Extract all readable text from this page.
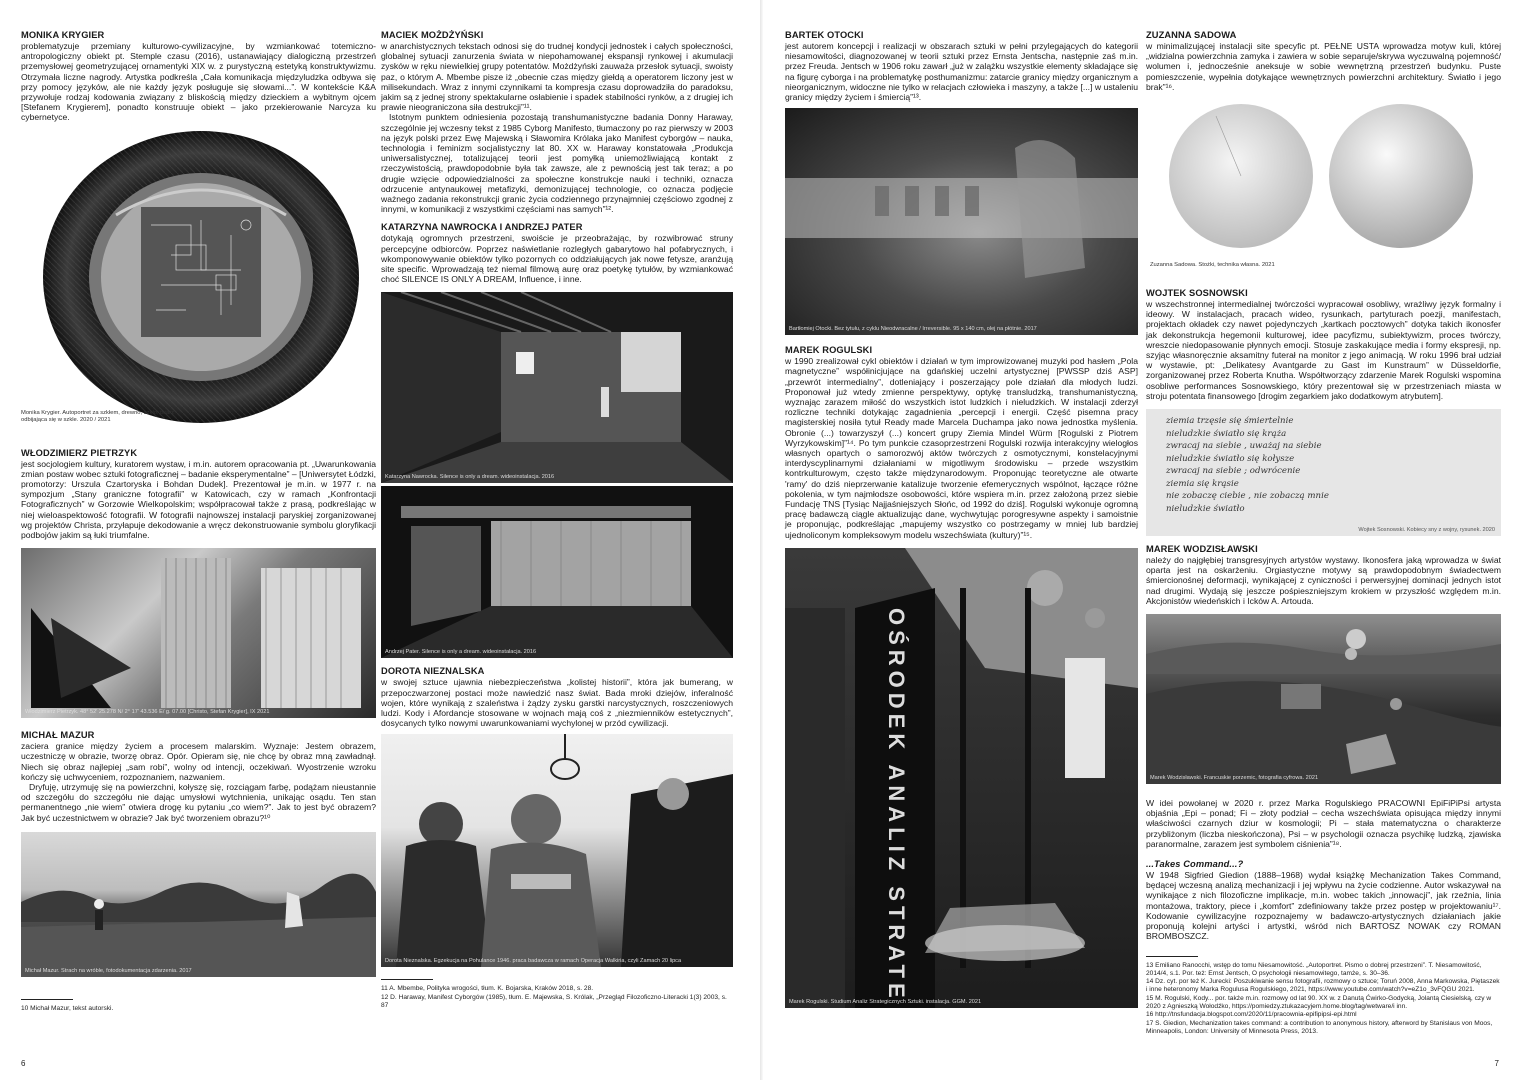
MONIKA KRYGIER

problematyzuje przemiany kulturowo-cywilizacyjne, by wzmiankować totemiczno-antropologiczny obiekt pt. Stemple czasu (2016), ustanawiający dialogiczną przestrzeń przemysłowej geometryzującej ornamentyki XIX w. z purystyczną estetyką konstruktywizmu. Otrzymała liczne nagrody. Artystka podkreśla „Cała komunikacja międzyludzka odbywa się przy pomocy języków, ale nie każdy język posługuje się słowami...”. W kontekście K&A przywołuje rodzaj kodowania związany z bliskością między dzieckiem a wybitnym ojcem [Stefanem Krygierem], ponadto konstruuje obiekt – jako przekierowanie Narcyza ku cybernetyce.

Monika Krygier. Autoportret za szkłem, drewno, szkło, twarz odbijająca się w szkle. 2020 / 2021
WŁODZIMIERZ PIETRZYK

jest socjologiem kultury, kuratorem wystaw, i m.in. autorem opracowania pt. „Uwarunkowania zmian postaw wobec sztuki fotograficznej – badanie eksperymentalne” – [Uniwersytet Łódzki, promotorzy: Urszula Czartoryska i Bohdan Dudek]. Prezentował je m.in. w 1977 r. na sympozjum „Stany graniczne fotografii” w Katowicach, czy w ramach „Konfrontacji Fotograficznych” w Gorzowie Wielkopolskim; współpracował także z prasą, podkreślając w niej wieloaspektowość fotografii. W fotografii najnowszej instalacji paryskiej zorganizowanej wg projektów Christa, przyłapuje dekodowanie a wręcz dekonstruowanie symbolu gloryfikacji podbojów jakim są łuki triumfalne.

Włodzimierz Pietrzyk. 48° 52' 25.278 N/ 2° 17' 43.536 E/ g. 07.00 [Christo, Stefan Krygier], IX 2021
MICHAŁ MAZUR

zaciera granice między życiem a procesem malarskim. Wyznaje: Jestem obrazem, uczestniczę w obrazie, tworzę obraz. Opór. Opieram się, nie chcę by obraz mną zawładnął. Niech się obraz najlepiej „sam robi”, wolny od intencji, oczekiwań. Wyostrzenie wzroku kończy się uchwyceniem, rozpoznaniem, nazwaniem.

Dryfuję, utrzymuję się na powierzchni, kołyszę się, rozciągam farbę, podążam nieustannie od szczegółu do szczegółu nie dając umysłowi wytchnienia, unikając osądu. Ten stan permanentnego „nie wiem” otwiera drogę ku pytaniu „co wiem?”. Jak to jest być obrazem? Jak być uczestnictwem w obrazie? Jak być tworzeniem obrazu?¹⁰

Michał Mazur. Strach na wróble, fotodokumentacja zdarzenia. 2017

10 Michał Mazur, tekst autorski.

6
MACIEK MOŻDŻYŃSKI

w anarchistycznych tekstach odnosi się do trudnej kondycji jednostek i całych społeczności, globalnej sytuacji zanurzenia świata w niepohamowanej ekspansji rynkowej i akumulacji zysków w ręku niewielkiej grupy potentatów. Możdżyński zauważa przesłok sytuacji, swoisty paz, o którym A. Mbembe pisze iż „obecnie czas między giełdą a operatorem liczony jest w milisekundach. Wraz z innymi czynnikami ta kompresja czasu doprowadziła do paradoksu, jakim są z jednej strony spektakularne osłabienie i spadek stabilności rynków, a z drugiej ich prawie nieograniczona siła destrukcji”¹¹.

Istotnym punktem odniesienia pozostają transhumanistyczne badania Donny Haraway, szczególnie jej wczesny tekst z 1985 Cyborg Manifesto, tłumaczony po raz pierwszy w 2003 na język polski przez Ewę Majewską i Sławomira Królaka jako Manifest cyborgów – nauka, technologia i feminizm socjalistyczny lat 80. XX w. Haraway konstatowała „Produkcja uniwersalistycznej, totalizującej teorii jest pomyłką uniemożliwiającą kontakt z rzeczywistością, prawdopodobnie była tak zawsze, ale z pewnością jest tak teraz; a po drugie wzięcie odpowiedzialności za społeczne konstrukcje nauki i techniki, oznacza odrzucenie antynaukowej metafizyki, demonizującej technologie, co oznacza podjęcie ważnego zadania rekonstrukcji granic życia codziennego przynajmniej częściowo zgodnej z innymi, w komunikacji z wszystkimi częściami nas samych”¹².

KATARZYNA NAWROCKA I ANDRZEJ PATER

dotykają ogromnych przestrzeni, swoiście je przeobrażając, by rozwibrować struny percepcyjne odbiorców. Poprzez naświetlanie rozległych gabarytowo hal pofabrycznych, i wkomponowywanie obiektów tylko pozornych co oddziałujących jak nowe fetysze, aranżują site specific. Wprowadzają też niemal filmową aurę oraz poetykę tytułów, by wzmiankować choć SILENCE IS ONLY A DREAM, Influence, i inne.

Katarzyna Nawrocka. Silence is only a dream. wideoinstalacja. 2016
Andrzej Pater. Silence is only a dream. wideoinstalacja. 2016
DOROTA NIEZNALSKA

w swojej sztuce ujawnia niebezpieczeństwa „kolistej historii”, która jak bumerang, w przepoczwarzonej postaci może nawiedzić nasz świat. Bada mroki dziejów, inferalność wojen, które wynikają z szaleństwa i żądzy zysku garstki narcystycznych, roszczeniowych ludzi. Kody i Afordancje stosowane w wojnach mają coś z „niezmienników estetycznych”, dosycanych tylko nowymi uwarunkowaniami wychylonej w przód cywilizacji.

Dorota Nieznalska. Egzekucja na Pohulance 1946. praca badawcza w ramach Operacja Walkiria, czyli Zamach 20 lipca

11 A. Mbembe, Polityka wrogości, tłum. K. Bojarska, Kraków 2018, s. 28.

12 D. Haraway, Manifest Cyborgów (1985), tłum. E. Majewska, S. Królak, „Przegląd Filozoficzno-Literacki 1(3) 2003, s. 87

BARTEK OTOCKI

jest autorem koncepcji i realizacji w obszarach sztuki w pełni przylegających do kategorii niesamowitości, diagnozowanej w teorii sztuki przez Ernsta Jentscha, następnie zaś m.in. przez Freuda. Jentsch w 1906 roku zawarł „już w zalążku wszystkie elementy składające się na figurę cyborga i na problematykę posthumanizmu: zatarcie granicy między organicznym a nieorganicznym, widoczne nie tylko w relacjach człowieka i maszyny, a także [...] w ustaleniu granicy między życiem i śmiercią”¹³.

Bartłomiej Otocki. Bez tytułu, z cyklu Nieodwracalne / Irreversible. 95 x 140 cm, olej na płótnie. 2017
MAREK ROGULSKI

w 1990 zrealizował cykl obiektów i działań w tym improwizowanej muzyki pod hasłem „Pola magnetyczne” współinicjujące na gdańskiej uczelni artystycznej [PWSSP dziś ASP] „przewrót intermedialny”, dotleniający i poszerzający pole działań dla młodych ludzi. Proponował już wtedy zmienne perspektywy, optykę transludzką, transhumanistyczną, wyznając zarazem miłość do wszystkich istot ludzkich i nieludzkich. W instalacji zderzył rozliczne techniki dotykając zagadnienia „percepcji i energii. Część pisemna pracy magisterskiej nosiła tytuł Ready made Marcela Duchampa jako nowa jednostka myślenia. Obronie (...) towarzyszył (...) koncert grupy Ziemia Mindel Würm [Rogulski z Piotrem Wyrzykowskim]”¹⁴. Po tym punkcie czasoprzestrzeni Rogulski rozwija interakcyjny wielogłos własnych opartych o samorozwój aktów twórczych z osmotycznymi, konstelacyjnymi interdyscyplinarnymi działaniami w migotliwym środowisku – przede wszystkim kontrkulturowym, często także międzynarodowym. Proponując teoretyczne ale otwarte 'ramy' do dziś nieprzerwanie katalizuje tworzenie efemerycznych wspólnot, łączące różne pokolenia, w tym najmłodsze osobowości, które wspiera m.in. przez założoną przez siebie Fundację TNS [Tysiąc Najjaśniejszych Słońc, od 1992 do dziś]. Rogulski wykonuje ogromną pracę badawczą ciągle aktualizując dane, wychwytując porogresywne aspekty i samoistnie je proponując, podkreślając „mapujemy wszystko co postrzegamy w mniej lub bardziej ujednoliconym kompleksowym modelu wszechświata (kultury)”¹⁵.

OŚRODEK ANALIZ STRATE
Marek Rogulski. Studium Analiz Strategicznych Sztuki. instalacja. GGM. 2021
ZUZANNA SADOWA

w minimalizującej instalacji site specyfic pt. PEŁNE USTA wprowadza motyw kuli, której „widzialna powierzchnia zamyka i zawiera w sobie separuje/skrywa wyczuwalną pojemność/ wolumen i, jednocześnie aneksuje w sobie wewnętrzną przestrzeń budynku. Puste pomieszczenie, wypełnia dotykające wewnętrznych powierzchni architektury. Światło i jego brak”¹⁶.

Zuzanna Sadowa. Stożki, technika własna. 2021
WOJTEK SOSNOWSKI

w wszechstronnej intermedialnej twórczości wypracował osobliwy, wrażliwy język formalny i ideowy. W instalacjach, pracach wideo, rysunkach, partyturach poezji, manifestach, projektach okładek czy nawet pojedynczych „kartkach pocztowych” dotyka takich ikonosfer jak dekonstrukcja hegemonii kulturowej, idee pacyfizmu, subiektywizm, proces twórczy, wreszcie niedopasowanie płynnych emocji. Stosuje zaskakujące media i formy ekspresji, np. szyjąc własnoręcznie aksamitny futerał na monitor z jego animacją. W roku 1996 brał udział w wystawie, pt: „Delikatesy Avantgarde zu Gast im Kunstraum” w Düsseldorfie, zorganizowanej przez Roberta Knutha. Współtworzący zdarzenie Marek Rogulski wspomina osobliwe performances Sosnowskiego, który prezentował się w przestrzeniach miasta w stroju potentata finansowego [drogim zegarkiem jako dodatkowym atrybutem].

ziemia trzęsie się śmiertelnie
nieludzkie światło się krąża
zwracaj na siebie , uważaj na siebie
nieludzkie światło się kołysze
zwracaj na siebie ; odwrócenie
ziemia się krąsie
nie zobaczę ciebie , nie zobaczą mnie
nieludzkie światło
Wojtek Sosnowski. Kobiecy sny z wojny, rysunek. 2020
MAREK WODZISŁAWSKI

należy do najgłębiej transgresyjnych artystów wystawy. Ikonosfera jaką wprowadza w świat oparta jest na oskarżeniu. Orgiastyczne motywy są prawdopodobnym świadectwem śmiercionośnej deformacji, wynikającej z cyniczności i perwersyjnej dominacji jednych istot nad drugimi. Wydają się jeszcze pośpieszniejszym krokiem w przyszłość względem m.in. Akcjonistów wiedeńskich i Icków A. Artouda.

Marek Wodzisławski. Francuskie porzemic, fotografia cyfrowa. 2021

W idei powołanej w 2020 r. przez Marka Rogulskiego PRACOWNI EpiFiPiPsi artysta objaśnia „Epi – ponad; Fi – złoty podział – cecha wszechświata opisująca między innymi właściwości czarnych dziur w kosmologii; Pi – stała matematyczna o charakterze przybliżonym (liczba nieskończona), Psi – w psychologii oznacza psychikę ludzką, zjawiska paranormalne, zarazem jest symbolem ciśnienia”¹⁸.

...Takes Command...?

W 1948 Sigfried Giedion (1888–1968) wydał książkę Mechanization Takes Command, będącej wczesną analizą mechanizacji i jej wpływu na życie codzienne. Autor wskazywał na wynikające z nich filozoficzne implikacje, m.in. wobec takich „innowacji”, jak rzeźnia, linia montażowa, traktory, piece i „komfort” zdefiniowany także przez postęp w projektowaniu¹⁷. Kodowanie cywilizacyjne rozpoznajemy w badawczo-artystycznych działaniach jakie proponują kolejni artyści i artystki, wśród nich BARTOSZ NOWAK czy ROMAN BROMBOSZCZ.

13 Emiliano Ranocchi, wstęp do tomu Niesamowitość. „Autoportret. Pismo o dobrej przestrzeni”. T. Niesamowitość, 2014/4, s.1. Por. też: Ernst Jentsch, O psychologii niesamowitego, tamże, s. 30–36.

14 Dz. cyt. por też K. Jurecki: Poszukiwanie sensu fotografii, rozmowy o sztuce; Toruń 2008, Anna Markowska, Piętaszek i inne heteronomy Marka Rogulusa Rogulskiego, 2021, https://www.youtube.com/watch?v=eZ1o_3vFQGU 2021.

15 M. Rogulski, Kody... por. także m.in. rozmowy od lat 90. XX w. z Danutą Ćwirko-Godycką, Jolantą Ciesielską, czy w 2020 z Agnieszką Wołodźko, https://pomiedzy.ztukazacyjem.home.blog/tag/wetware/i inn.

16 http://tnsfundacja.blogspot.com/2020/11/pracownia-epifipipsi-epi.html

17 S. Giedion, Mechanization takes command: a contribution to anonymous history, afterword by Stanislaus von Moos, Minneapolis, London: University of Minnesota Press, 2013.

7
